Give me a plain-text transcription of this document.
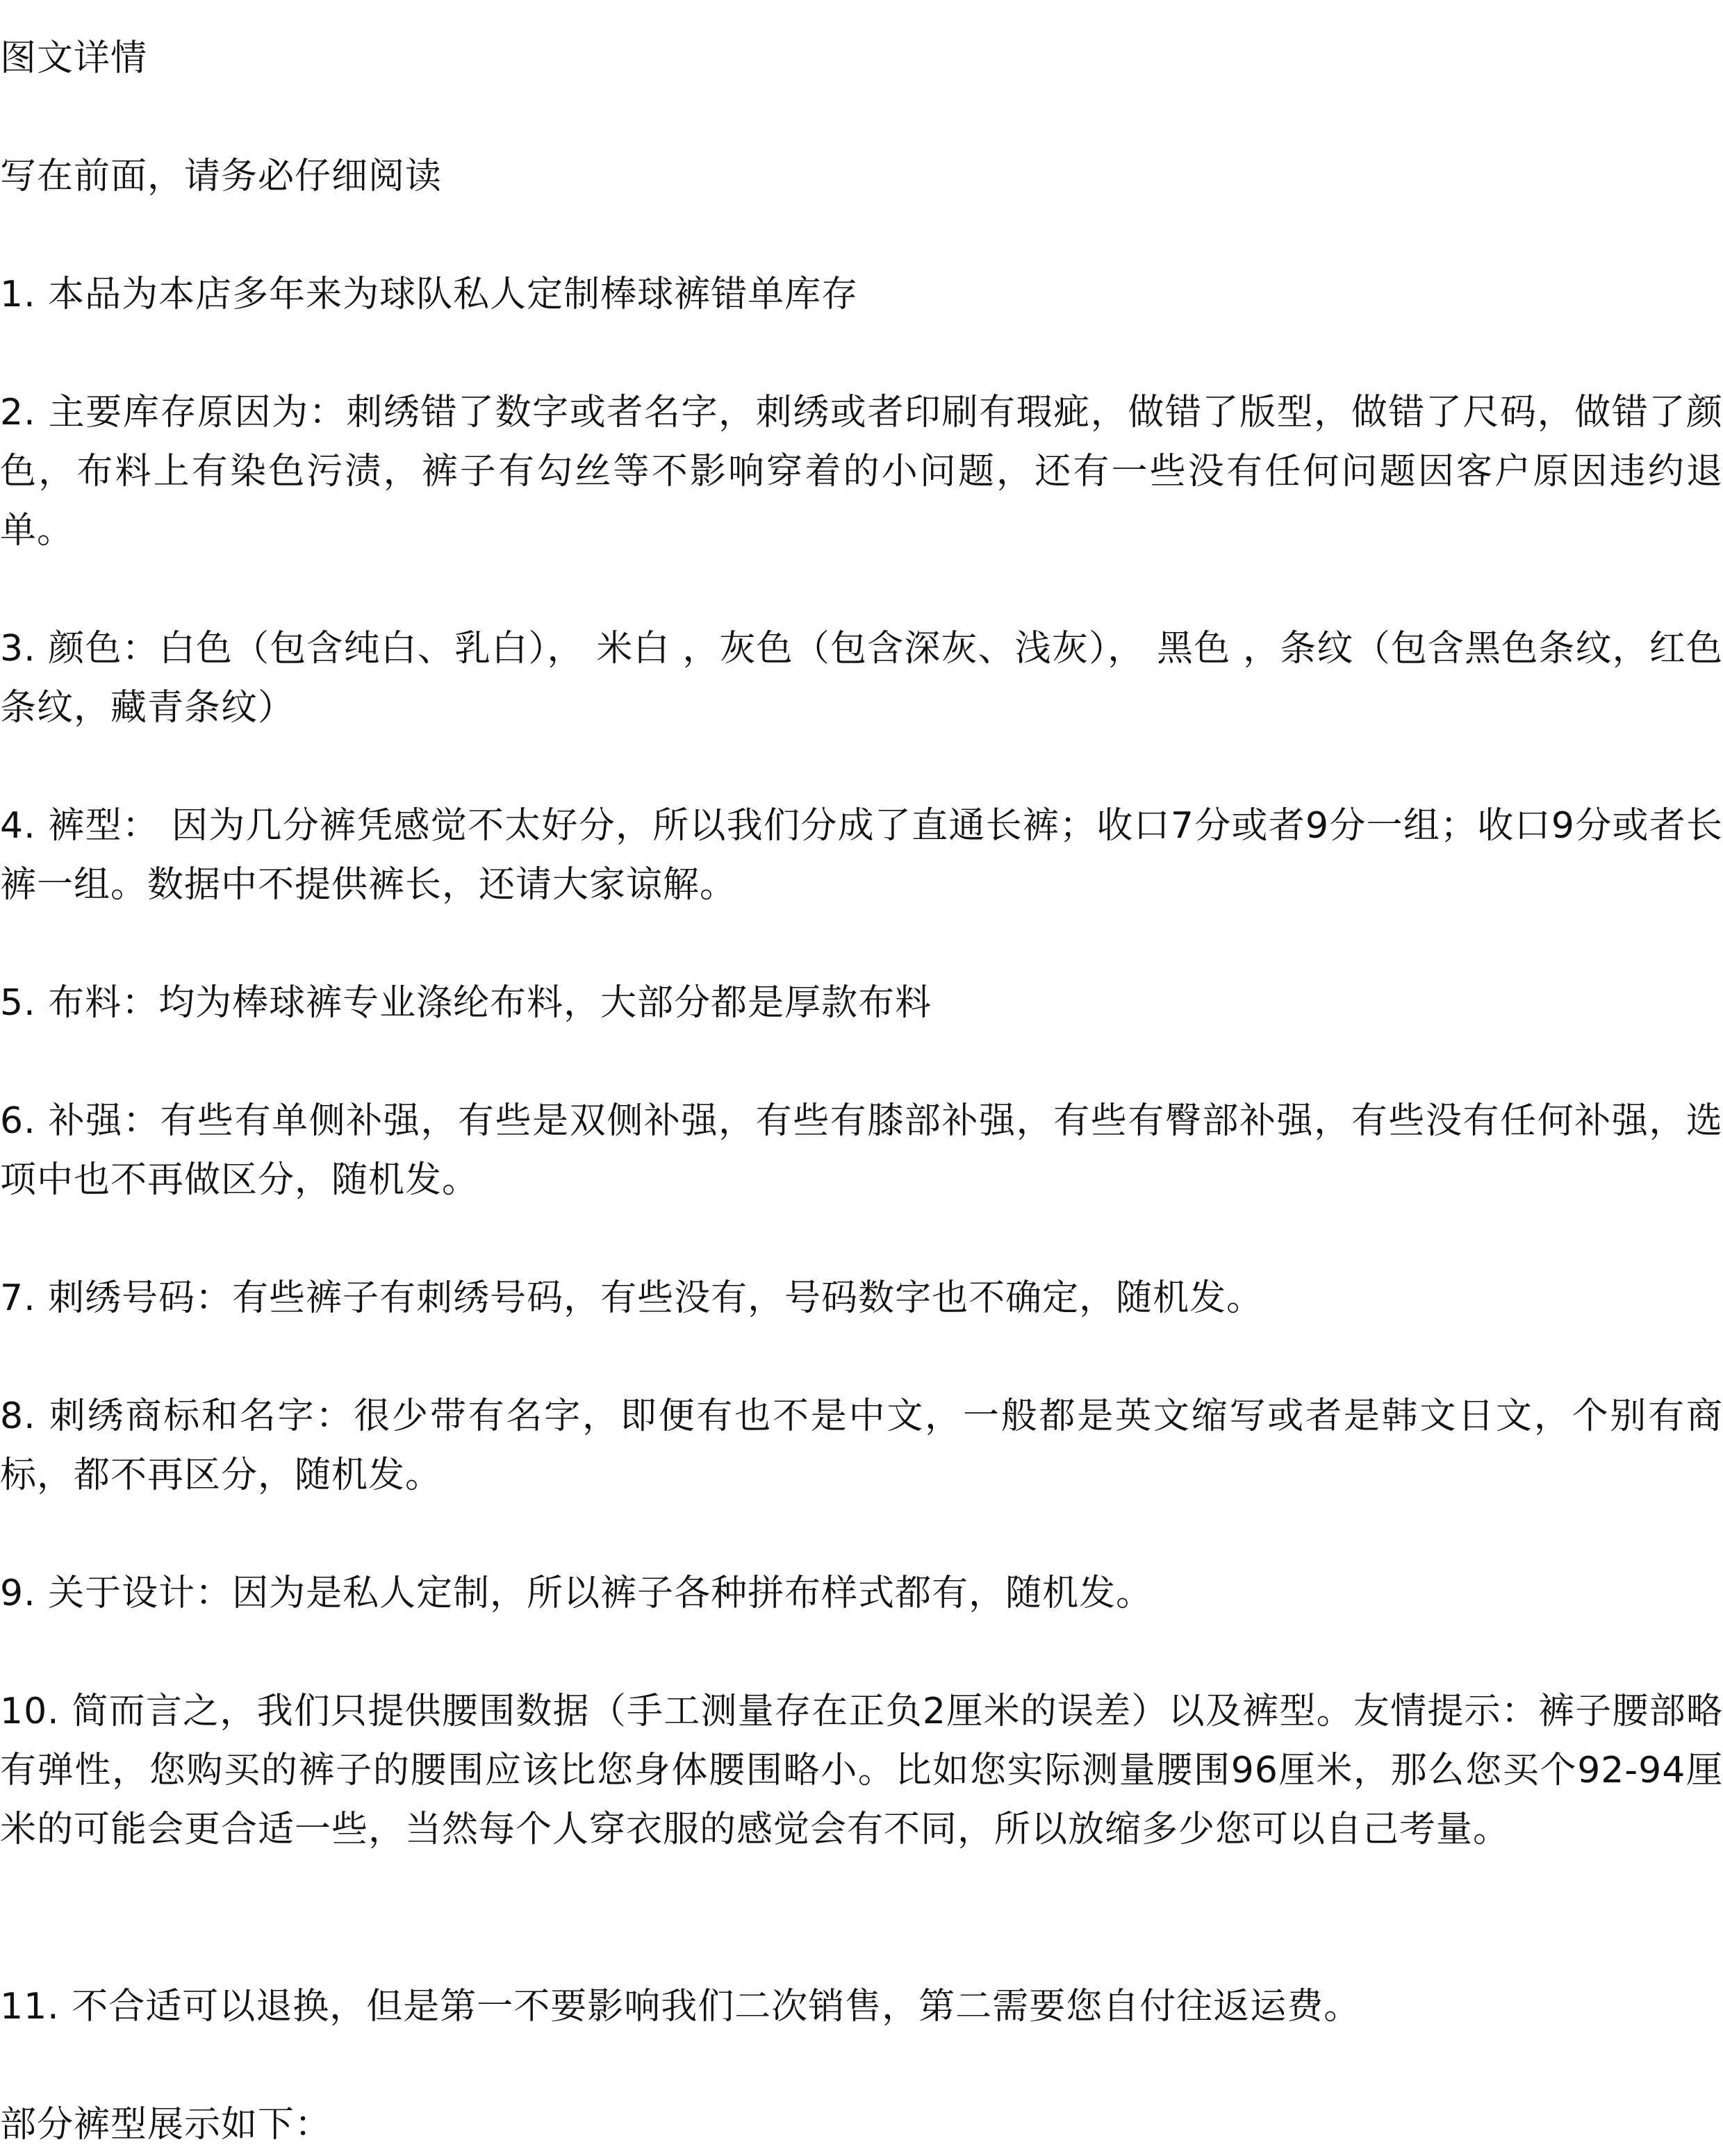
图文详情

写在前面，请务必仔细阅读

1. 本品为本店多年来为球队私人定制棒球裤错单库存

2. 主要库存原因为：刺绣错了数字或者名字，刺绣或者印刷有瑕疵，做错了版型，做错了尺码，做错了颜色，布料上有染色污渍，裤子有勾丝等不影响穿着的小问题，还有一些没有任何问题因客户原因违约退单。

3. 颜色：白色（包含纯白、乳白）， 米白 ，灰色（包含深灰、浅灰）， 黑色 ，条纹（包含黑色条纹，红色条纹，藏青条纹）

4. 裤型： 因为几分裤凭感觉不太好分，所以我们分成了直通长裤；收口7分或者9分一组；收口9分或者长裤一组。数据中不提供裤长，还请大家谅解。

5. 布料：均为棒球裤专业涤纶布料，大部分都是厚款布料

6. 补强：有些有单侧补强，有些是双侧补强，有些有膝部补强，有些有臀部补强，有些没有任何补强，选项中也不再做区分，随机发。

7. 刺绣号码：有些裤子有刺绣号码，有些没有，号码数字也不确定，随机发。

8. 刺绣商标和名字：很少带有名字，即便有也不是中文，一般都是英文缩写或者是韩文日文，个别有商标，都不再区分，随机发。

9. 关于设计：因为是私人定制，所以裤子各种拼布样式都有，随机发。

10. 简而言之，我们只提供腰围数据（手工测量存在正负2厘米的误差）以及裤型。友情提示：裤子腰部略有弹性，您购买的裤子的腰围应该比您身体腰围略小。比如您实际测量腰围96厘米，那么您买个92-94厘米的可能会更合适一些，当然每个人穿衣服的感觉会有不同，所以放缩多少您可以自己考量。

11. 不合适可以退换，但是第一不要影响我们二次销售，第二需要您自付往返运费。

部分裤型展示如下：
